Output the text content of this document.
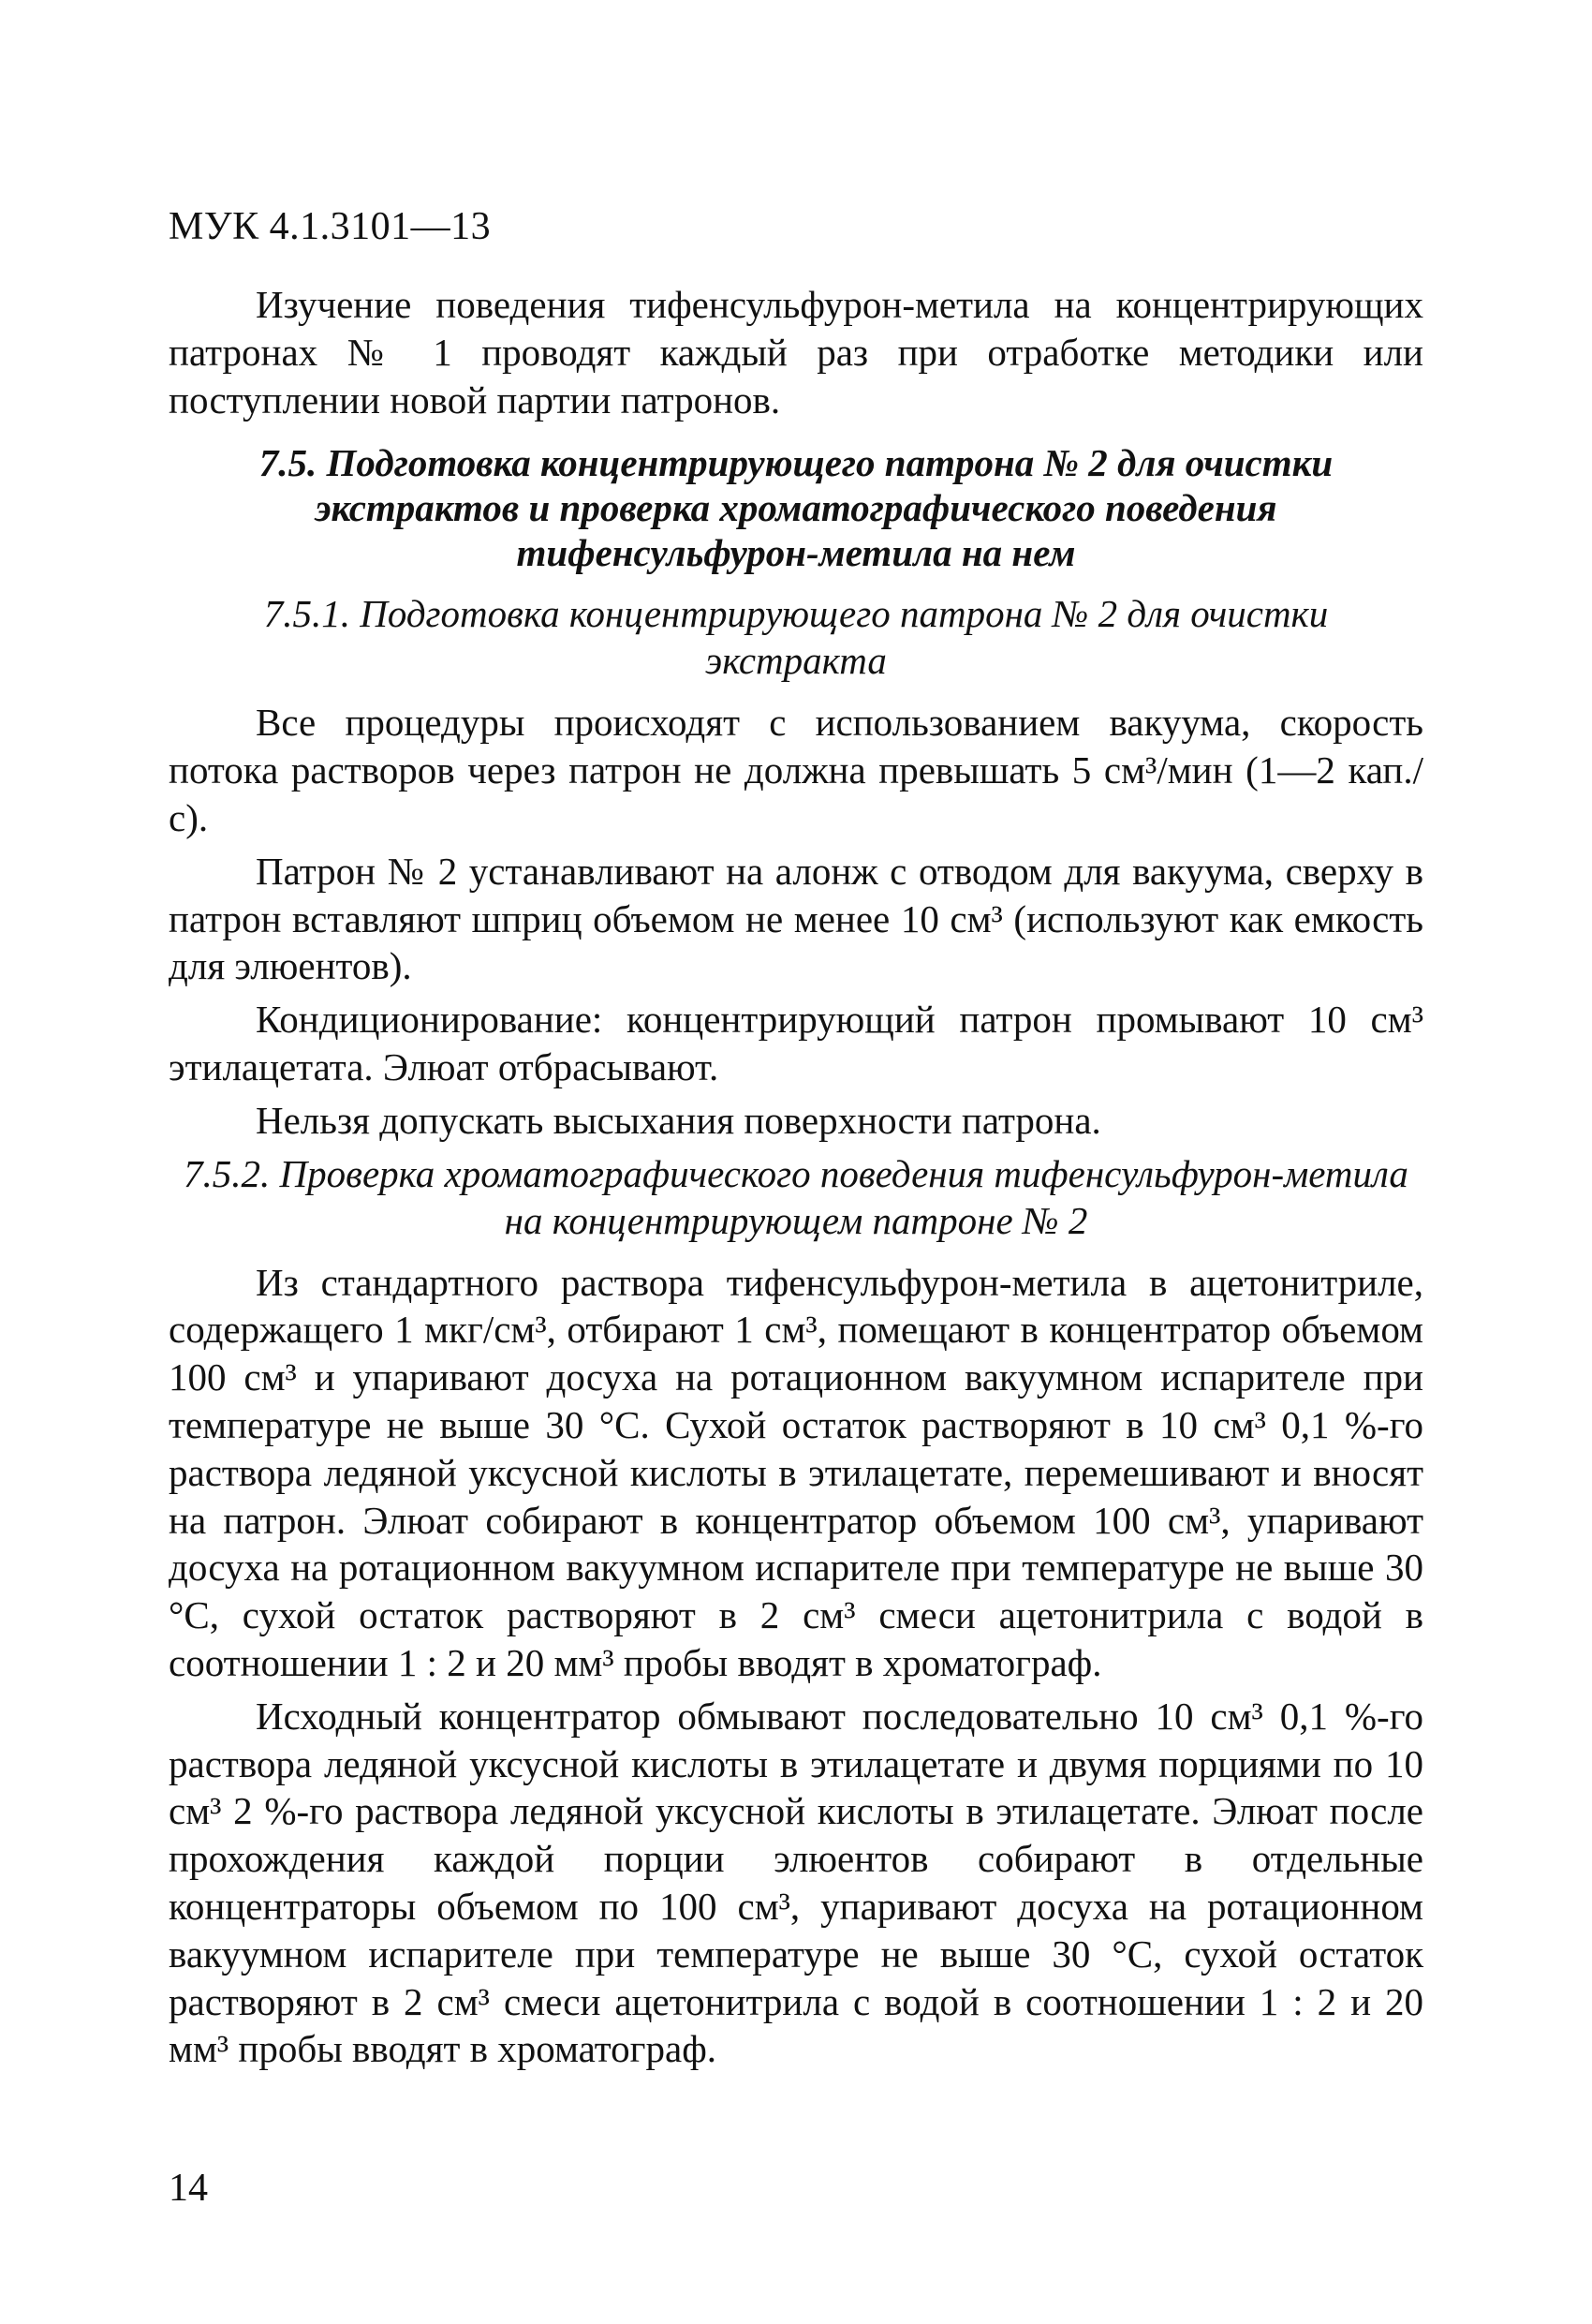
МУК 4.1.3101—13

Изучение поведения тифенсульфурон-метила на концентрирующих патронах № 1 проводят каждый раз при отработке методики или поступлении новой партии патронов.

7.5. Подготовка концентрирующего патрона № 2 для очистки экстрактов и проверка хроматографического поведения тифенсульфурон-метила на нем
7.5.1. Подготовка концентрирующего патрона № 2 для очистки экстракта

Все процедуры происходят с использованием вакуума, скорость потока растворов через патрон не должна превышать 5 см³/мин (1—2 кап./с).

Патрон № 2 устанавливают на алонж с отводом для вакуума, сверху в патрон вставляют шприц объемом не менее 10 см³ (используют как емкость для элюентов).

Кондиционирование: концентрирующий патрон промывают 10 см³ этилацетата. Элюат отбрасывают.

Нельзя допускать высыхания поверхности патрона.

7.5.2. Проверка хроматографического поведения тифенсульфурон-метила на концентрирующем патроне № 2

Из стандартного раствора тифенсульфурон-метила в ацетонитриле, содержащего 1 мкг/см³, отбирают 1 см³, помещают в концентратор объемом 100 см³ и упаривают досуха на ротационном вакуумном испарителе при температуре не выше 30 °С. Сухой остаток растворяют в 10 см³ 0,1 %-го раствора ледяной уксусной кислоты в этилацетате, перемешивают и вносят на патрон. Элюат собирают в концентратор объемом 100 см³, упаривают досуха на ротационном вакуумном испарителе при температуре не выше 30 °С, сухой остаток растворяют в 2 см³ смеси ацетонитрила с водой в соотношении 1 : 2 и 20 мм³ пробы вводят в хроматограф.

Исходный концентратор обмывают последовательно 10 см³ 0,1 %-го раствора ледяной уксусной кислоты в этилацетате и двумя порциями по 10 см³ 2 %-го раствора ледяной уксусной кислоты в этилацетате. Элюат после прохождения каждой порции элюентов собирают в отдельные концентраторы объемом по 100 см³, упаривают досуха на ротационном вакуумном испарителе при температуре не выше 30 °С, сухой остаток растворяют в 2 см³ смеси ацетонитрила с водой в соотношении 1 : 2 и 20 мм³ пробы вводят в хроматограф.

14
